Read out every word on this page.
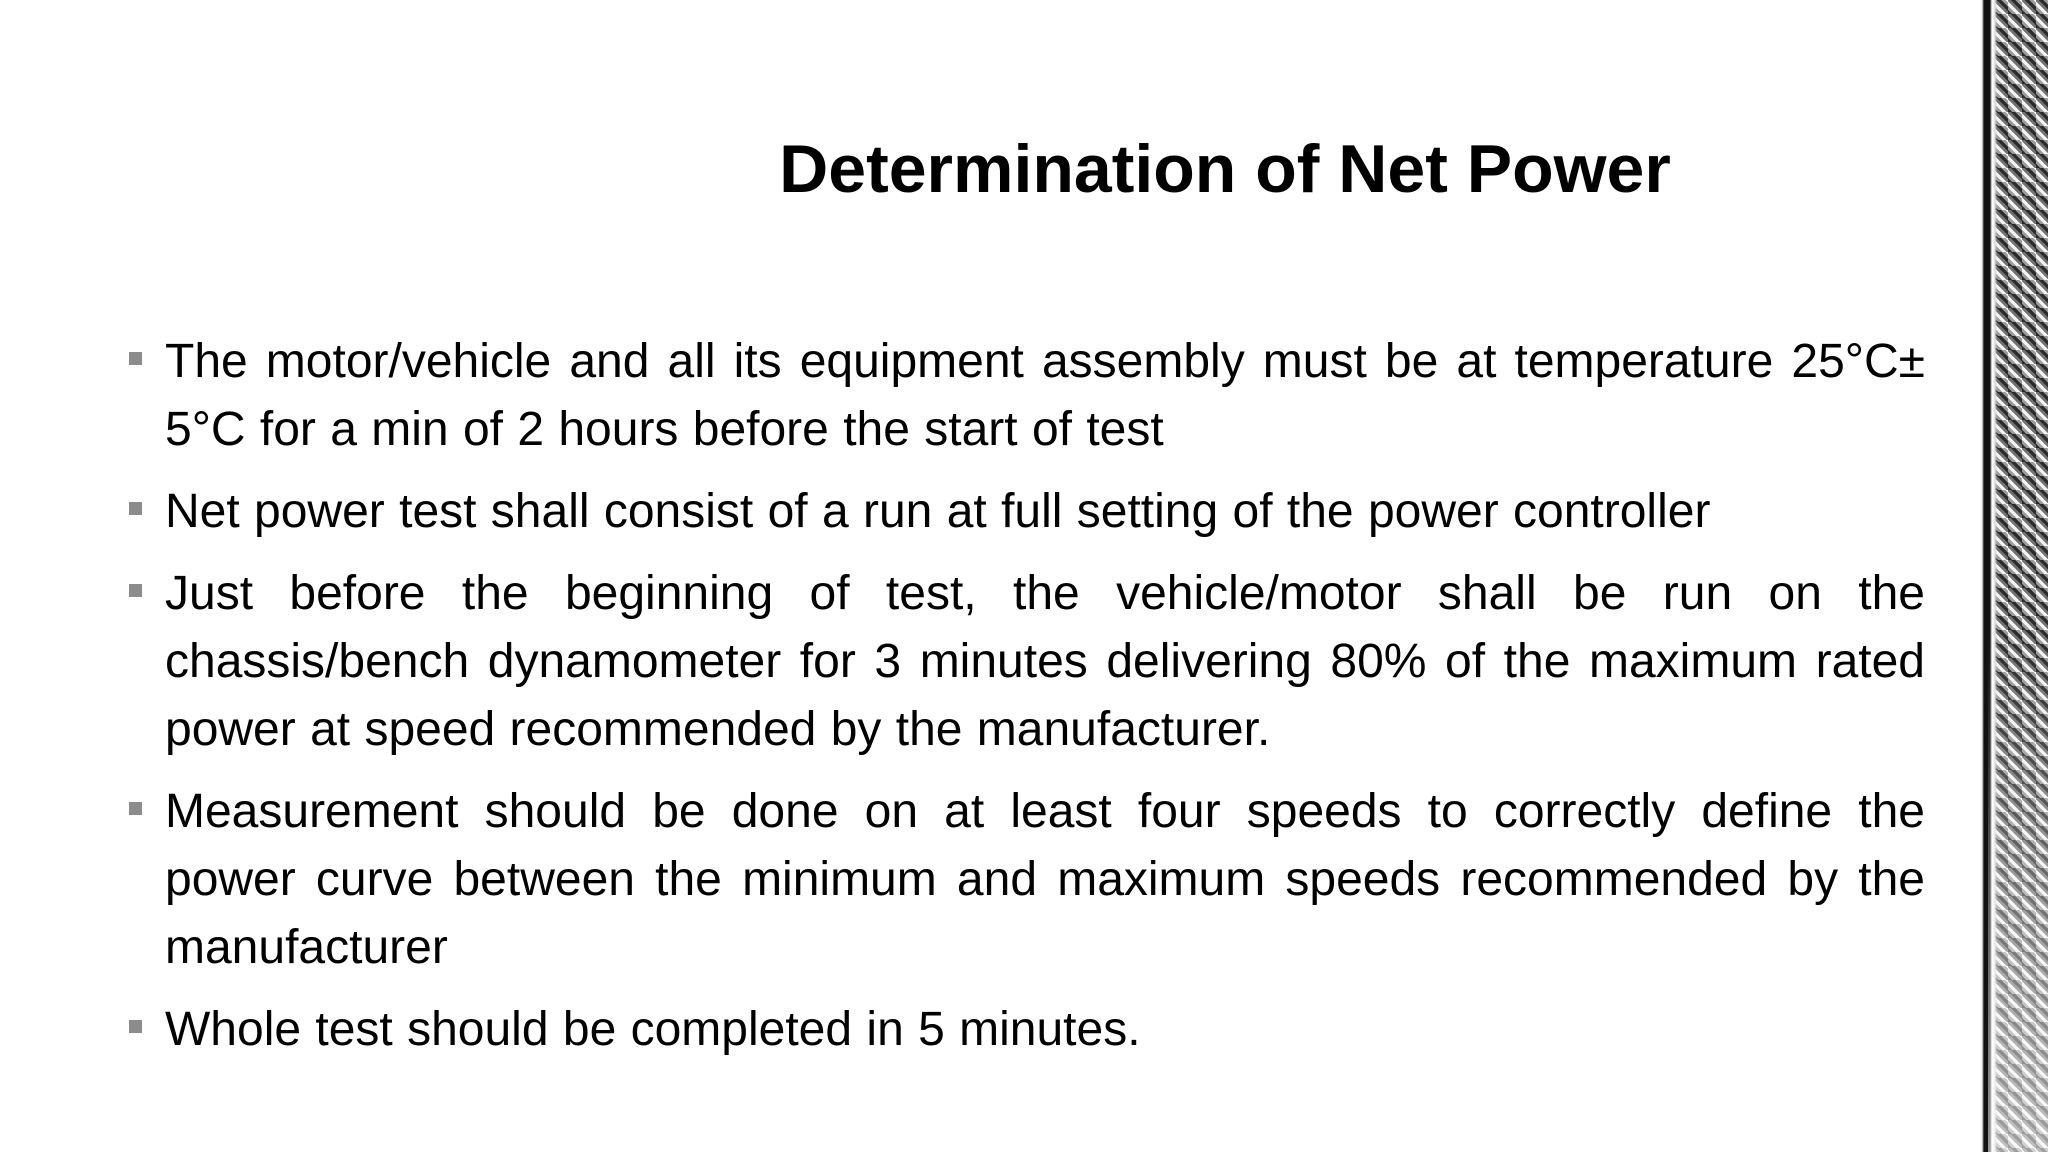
Determination of Net Power
The motor/vehicle and all its equipment assembly must be at temperature 25°C± 5°C for a min of 2 hours before the start of test
Net power test shall consist of a run at full setting of the power controller
Just before the beginning of test, the vehicle/motor shall be run on the chassis/bench dynamometer for 3 minutes delivering 80% of the maximum rated power at speed recommended by the manufacturer.
Measurement should be done on at least four speeds to correctly define the power curve between the minimum and maximum speeds recommended by the manufacturer
Whole test should be completed in 5 minutes.
